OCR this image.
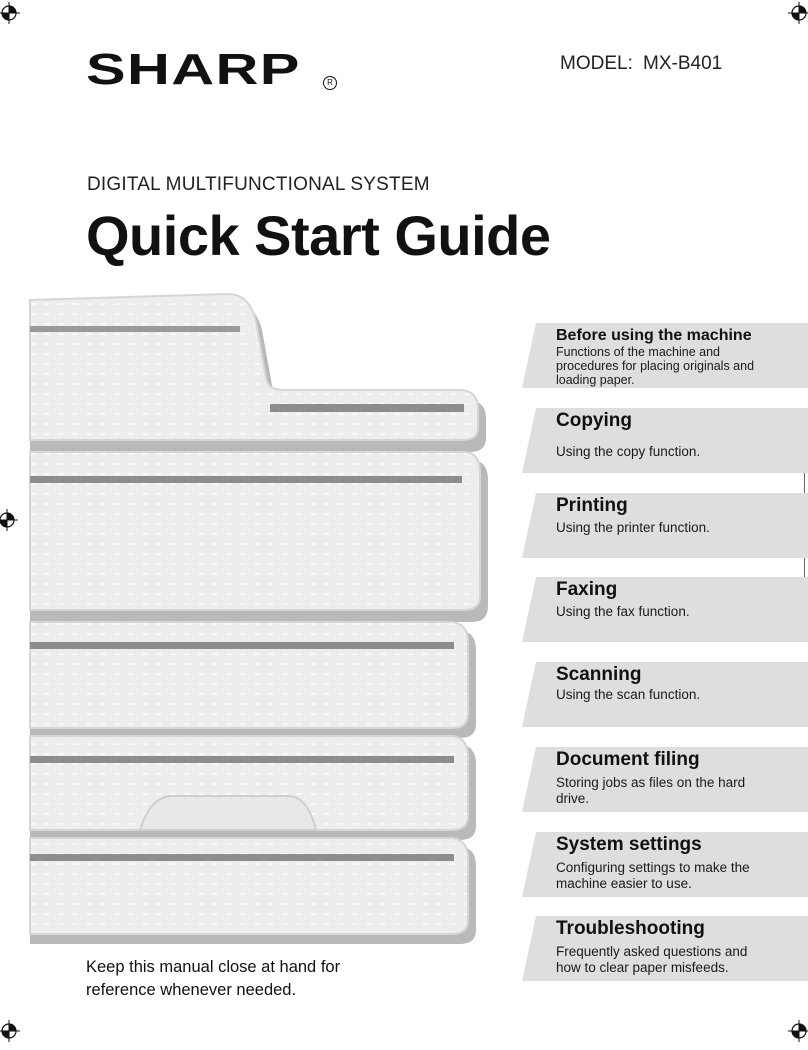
SHARP	R
MODEL: MX-B401
DIGITAL MULTIFUNCTIONAL SYSTEM
Quick Start Guide
Before using the machine
Functions of the machine and procedures for placing originals and loading paper.
Copying
Using the copy function.
Printing
Using the printer function.
Faxing
Using the fax function.
Scanning
Using the scan function.
Document filing
Storing jobs as files on the hard drive.
System settings
Configuring settings to make the machine easier to use.
Troubleshooting
Frequently asked questions and how to clear paper misfeeds.
Keep this manual close at hand for reference whenever needed.
